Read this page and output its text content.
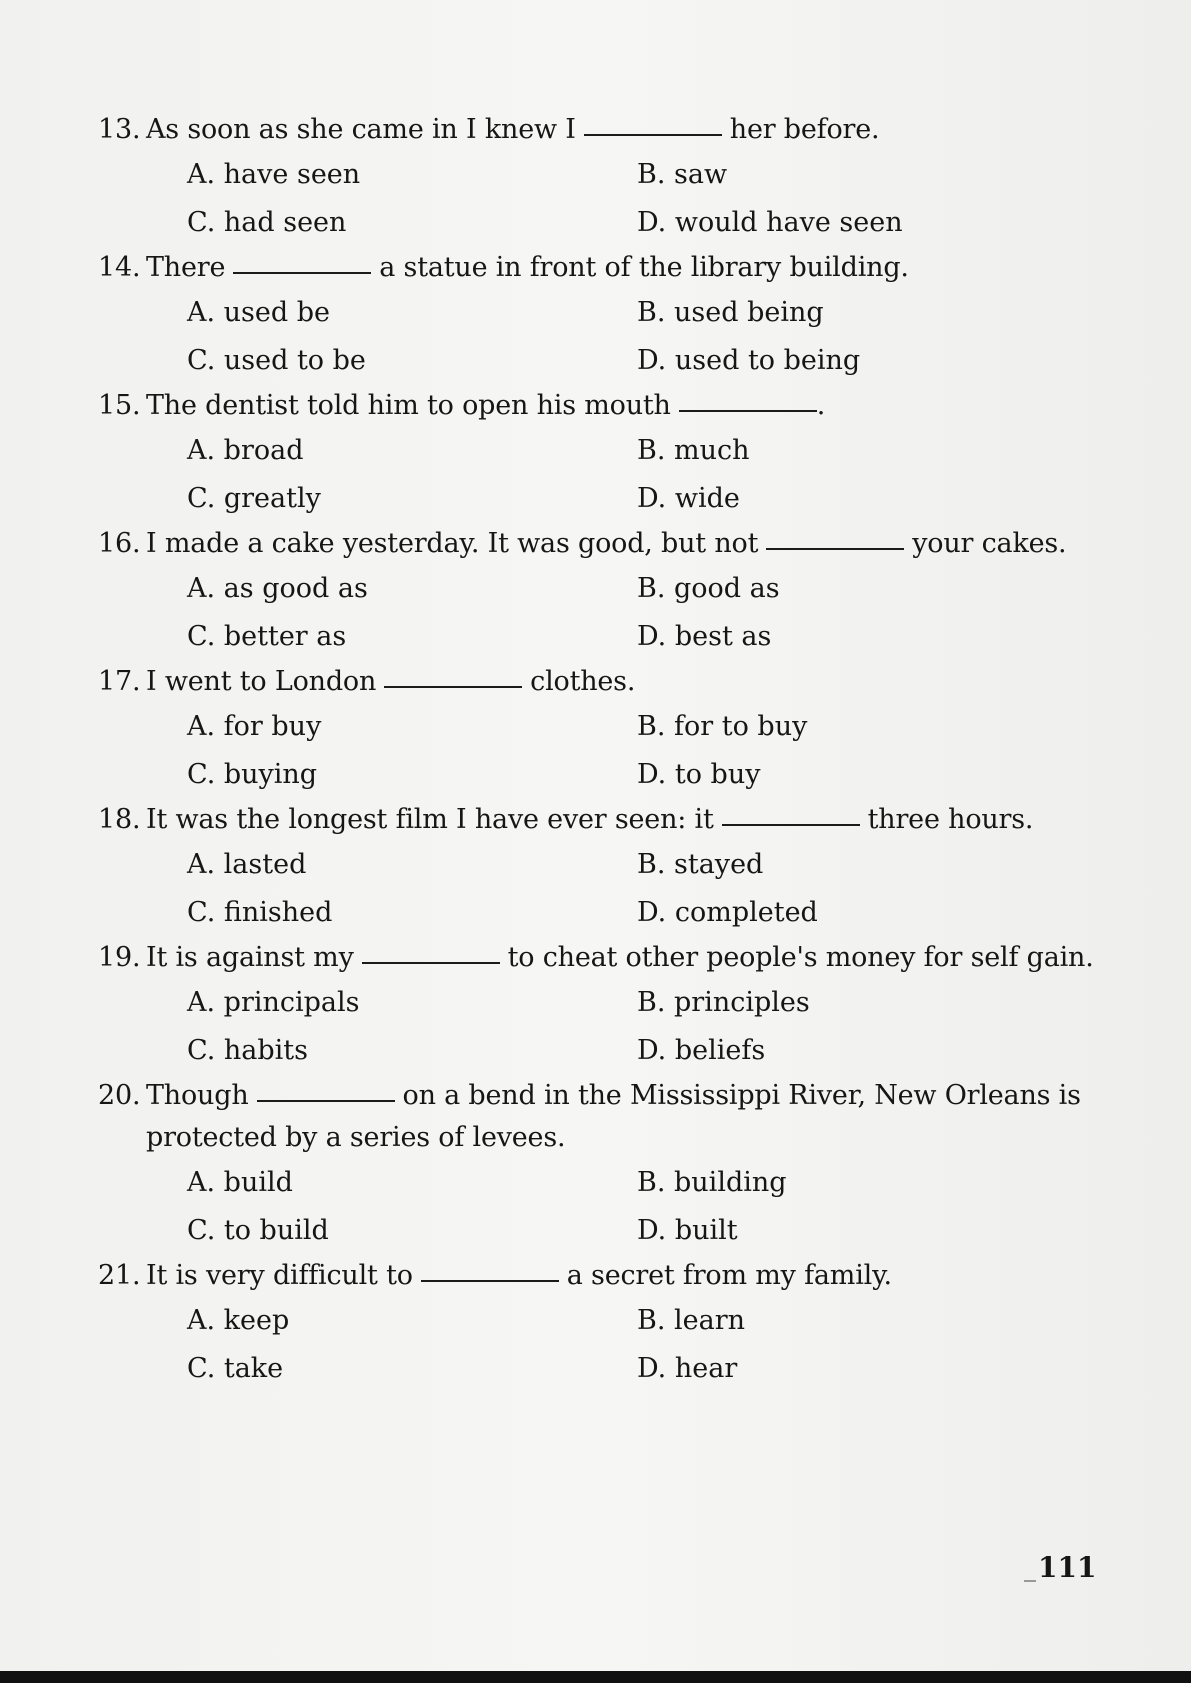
13. As soon as she came in I knew I	her before.
A. have seen	B. saw
C. had seen	D. would have seen
14. There	a statue in front of the library building.
A. used be	B. used being
C. used to be	D. used to being
15. The dentist told him to open his mouth	.
A. broad	B. much
C. greatly	D. wide
16. I made a cake yesterday. It was good, but not	your cakes.
A. as good as	B. good as
C. better as	D. best as
17. I went to London	clothes.
A. for buy	B. for to buy
C. buying	D. to buy
18. It was the longest film I have ever seen: it	three hours.
A. lasted	B. stayed
C. finished	D. completed
19. It is against my	to cheat other people's money for self gain.
A. principals	B. principles
C. habits	D. beliefs
20. Though	on a bend in the Mississippi River, New Orleans is protected by a series of levees.
A. build	B. building
C. to build	D. built
21. It is very difficult to	a secret from my family.
A. keep	B. learn
C. take	D. hear
111
